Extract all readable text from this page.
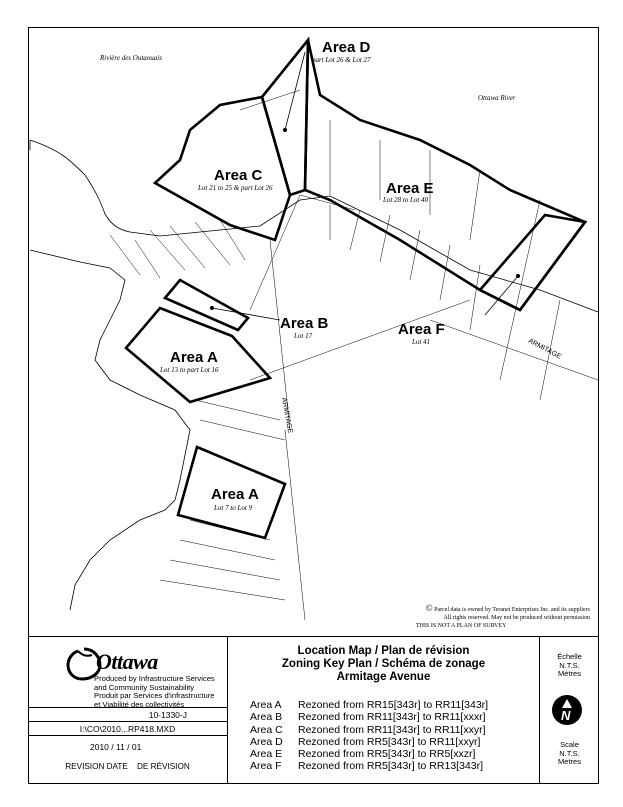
Rivière des Outaouais
Ottawa River
ARMITAGE
ARMITAGE
Area D
part Lot 26 & Lot 27
Area C
Lot 21 to 25 & part Lot 26	Area E
Lot 28 to Lot 40
Area B
Lot 17	Area F
Lot 41
Area A
Lot 13 to part Lot 16
Area A
Lot 7 to Lot 9
© Parcel data is owned by Teranet Enterprises Inc. and its suppliers
All rights reserved. May not be produced without permission
THIS IS NOT A PLAN OF SURVEY
Ottawa
Produced by Infrastructure Services
and Community Sustainability
Produit par Services d'infrastructure
et Viabilité des collectivités
10-1330-J
I:\CO\2010...RP418.MXD
2010 / 11 / 01
REVISION DATE    DE RÉVISION
Location Map / Plan de révision
Zoning Key Plan / Schéma de zonage
Armitage Avenue
Area A Rezoned from RR15[343r] to RR11[343r]
Area B Rezoned from RR11[343r] to RR11[xxxr]
Area C Rezoned from RR11[343r] to RR11[xxyr]
Area D Rezoned from RR5[343r] to RR11[xxyr]
Area E Rezoned from RR5[343r] to RR5[xxzr]
Area F Rezoned from RR5[343r] to RR13[343r]
Échelle
N.T.S.
Mètres
N
Scale
N.T.S.
Metres
